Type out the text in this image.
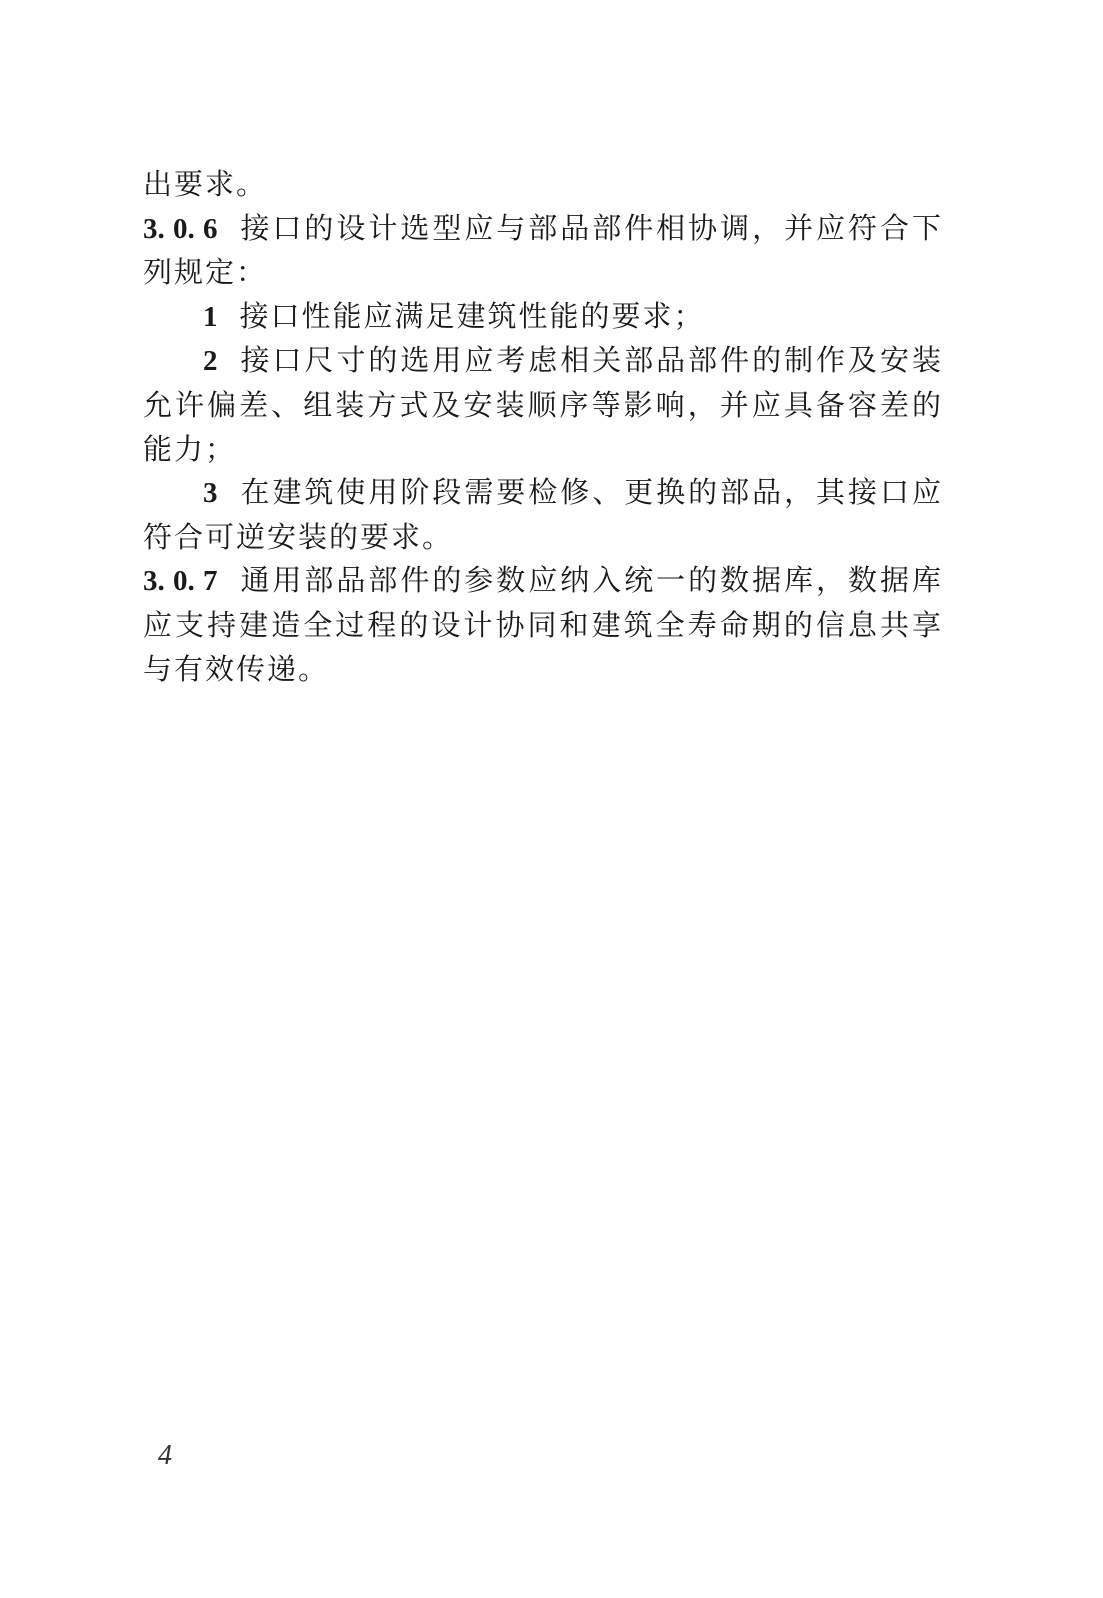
出要求。

3. 0. 6 接口的设计选型应与部品部件相协调，并应符合下列规定：

1 接口性能应满足建筑性能的要求；

2 接口尺寸的选用应考虑相关部品部件的制作及安装允许偏差、组装方式及安装顺序等影响，并应具备容差的能力；

3 在建筑使用阶段需要检修、更换的部品，其接口应符合可逆安装的要求。

3. 0. 7 通用部品部件的参数应纳入统一的数据库，数据库应支持建造全过程的设计协同和建筑全寿命期的信息共享与有效传递。

4
